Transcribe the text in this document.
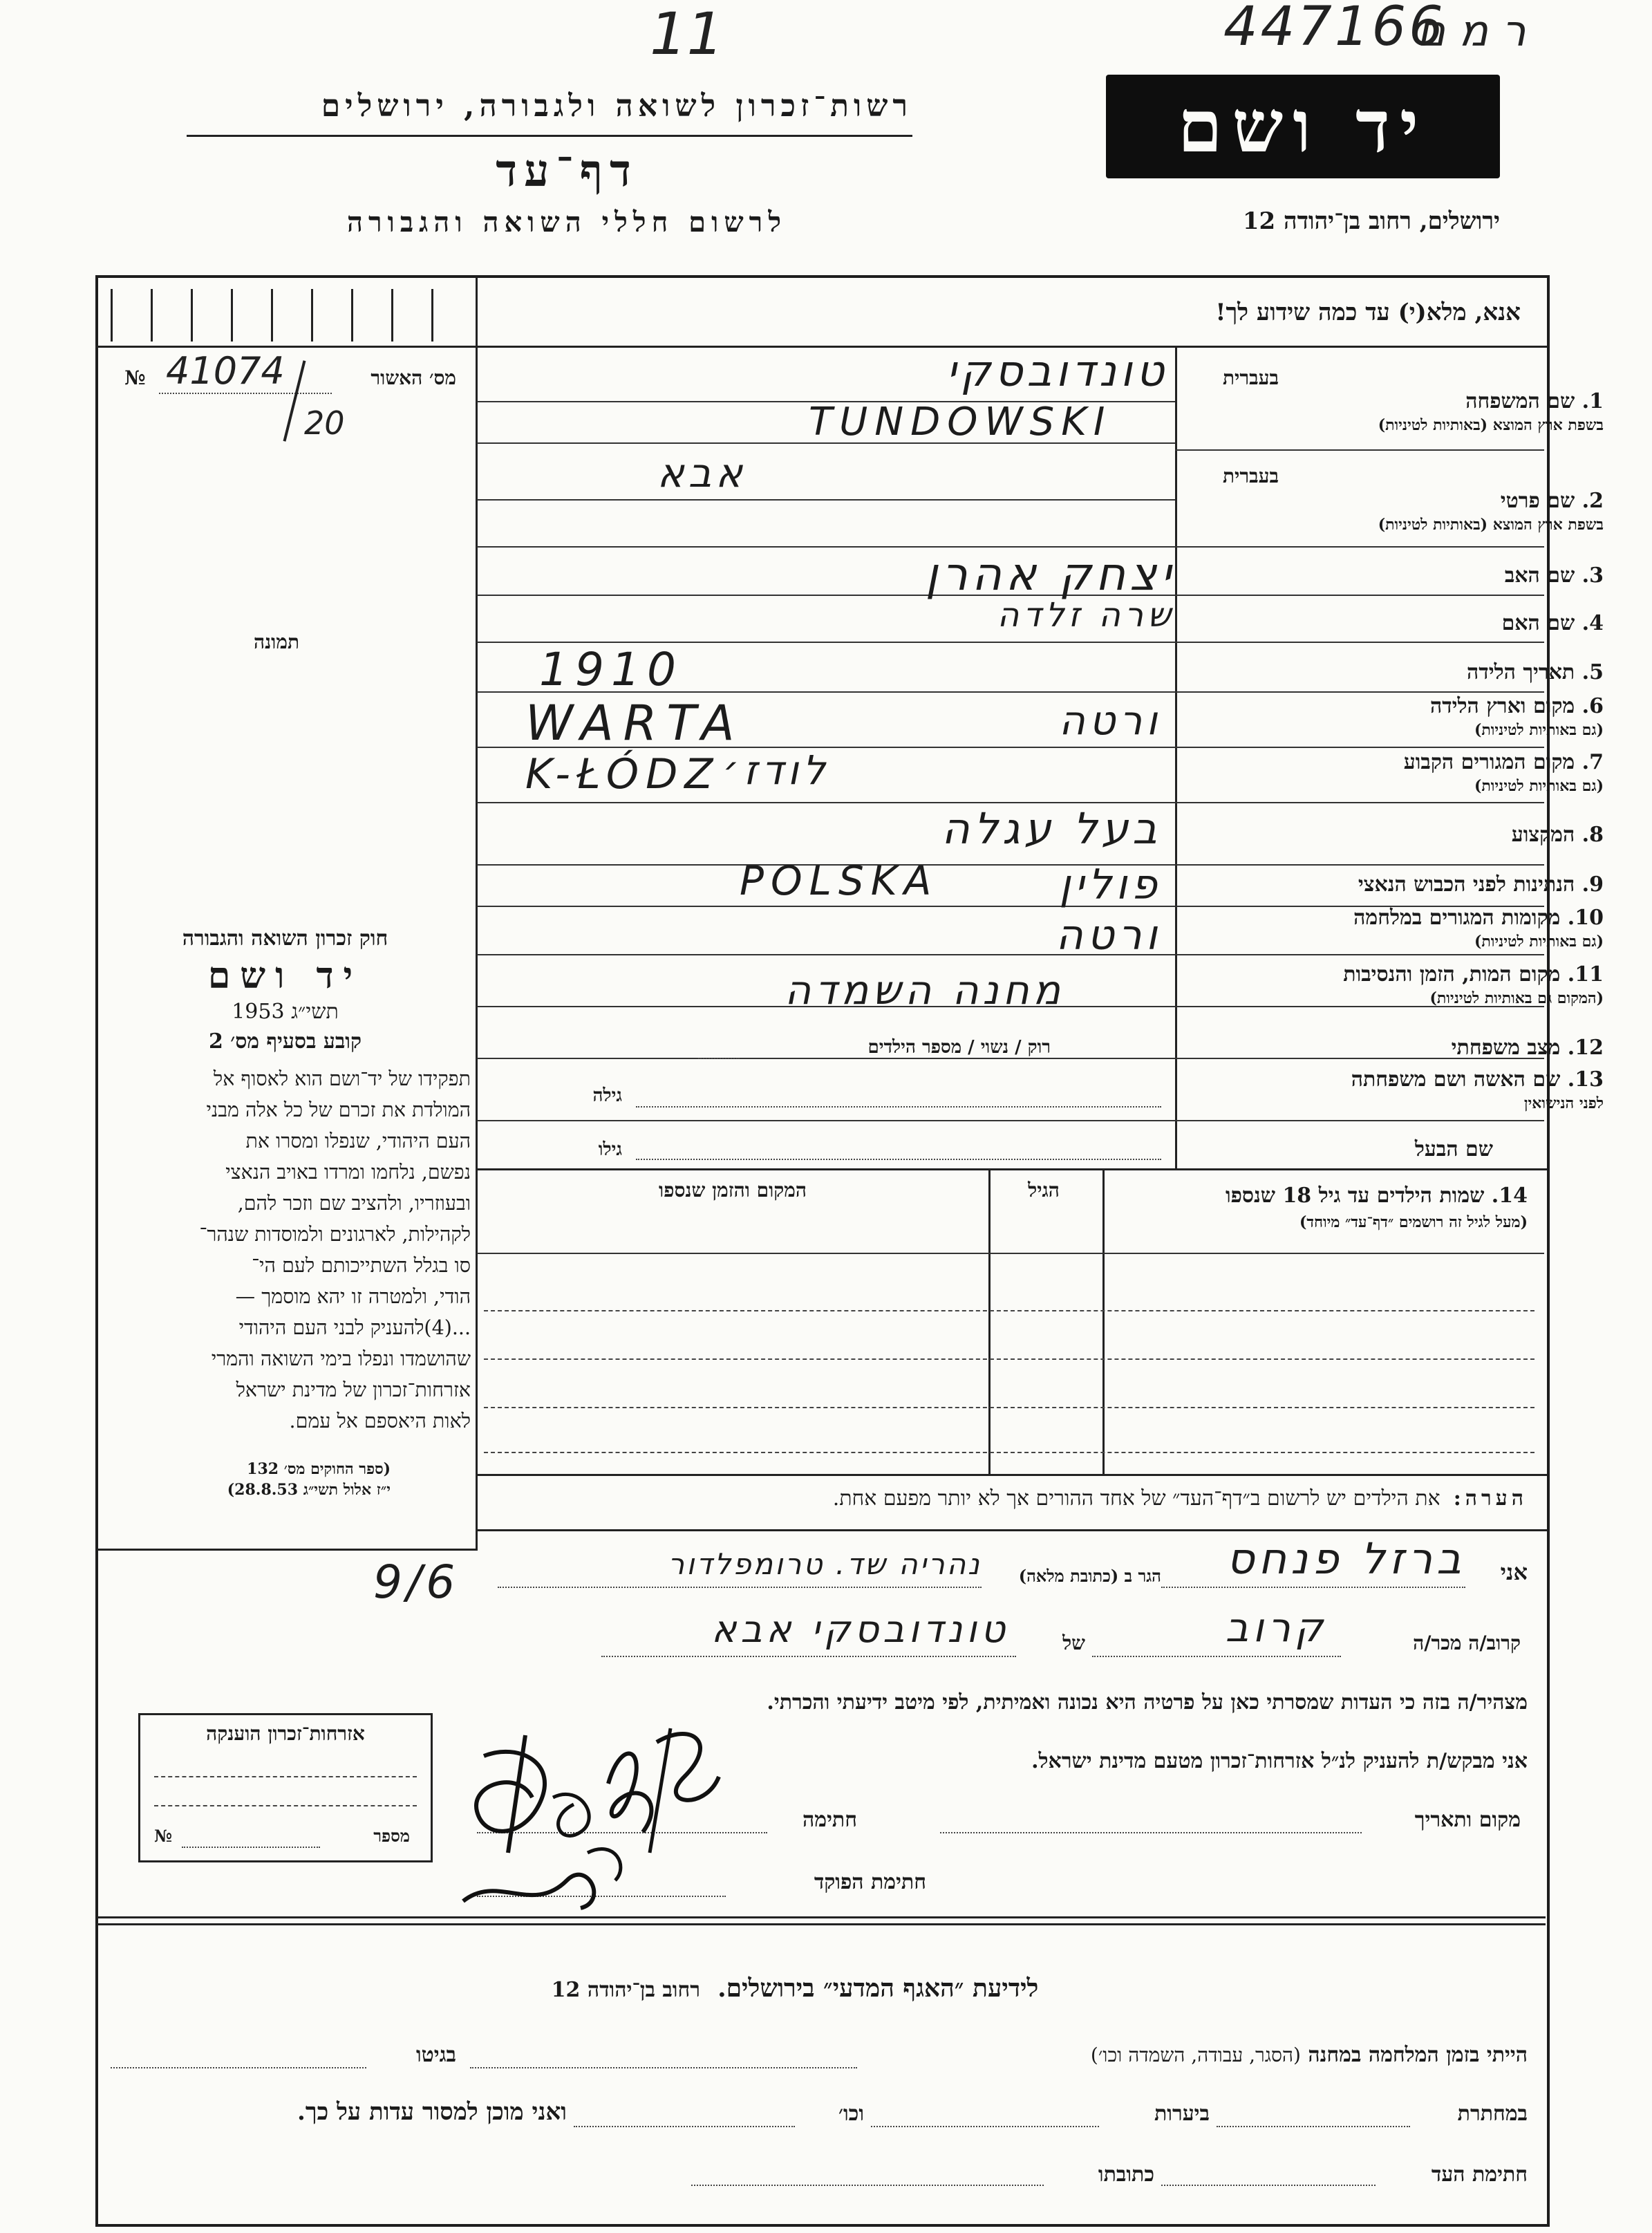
11	447166
ר מ ם
רשות־זכרון לשואה ולגבורה, ירושלים
דף־עד
לרשום חללי השואה והגבורה
יד ושם
ירושלים, רחוב בן־יהודה 12
אנא, מלא(י) עד כמה שידוע לך!
מס׳ האשור
№ 41074
20
תמונה
בעברית
1. שם המשפחה
בשפת ארץ המוצא (באותיות לטיניות)
טונדובסקי
TUNDOWSKI
בעברית
2. שם פרטי
בשפת ארץ המוצא (באותיות לטיניות)
אבא
3. שם האב
יצחק אהרן
4. שם האם
שרה זלדה
5. תאריך הלידה
1910
6. מקום וארץ הלידה
(גם באותיות לטיניות)
WARTA	ורטה
7. מקום המגורים הקבוע
(גם באותיות לטיניות)
K-ŁÓDZ לודז׳
8. המקצוע
בעל עגלה
9. הנתינות לפני הכבוש הנאצי
POLSKA	פולין
10. מקומות המגורים במלחמה
(גם באותיות לטיניות)
ורטה
11. מקום המות, הזמן והנסיבות
(המקום גם באותיות לטיניות)
מחנה השמדה
12. מצב משפחתי
רוק / נשוי / מספר הילדים
13. שם האשה ושם משפחתה
לפני הנישואין
גילה
שם הבעל
גילו
14. שמות הילדים עד גיל 18 שנספו
(מעל לגיל זה רושמים ״דף־עד״ מיוחד)
הגיל
המקום והזמן שנספו
הערה:  את הילדים יש לרשום ב״דף־העד״ של אחד ההורים אך לא יותר מפעם אחת.
חוק זכרון השואה והגבורה
יד ושם
תשי״ג 1953
קובע בסעיף מס׳ 2
תפקידו של יד־ושם הוא לאסוף אל
המולדת את זכרם של כל אלה מבני
העם היהודי, שנפלו ומסרו את
נפשם, נלחמו ומרדו באויב הנאצי
ובעוזריו, ולהציב שם וזכר להם,
לקהילות, לארגונים ולמוסדות שנהר־
סו בגלל השתייכותם לעם הי־
הודי, ולמטרה זו יהא מוסמך —
...(4)להעניק לבני העם היהודי
שהושמדו ונפלו בימי השואה והמרי
אזרחות־זכרון של מדינת ישראל
לאות היאספם אל עמם.
(ספר החוקים מס׳ 132
י״ז אלול תשי״ג 28.8.53)
אני
ברזל פנחס
הגר ב (כתובת מלאה)
נהריה שד. טרומפלדור
9/6
קרוב/ה מכר/ה
קרוב
של
טונדובסקי אבא
מצהיר/ה בזה כי העדות שמסרתי כאן על פרטיה היא נכונה ואמיתית, לפי מיטב ידיעתי והכרתי.
אני מבקש/ת להעניק לנ״ל אזרחות־זכרון מטעם מדינת ישראל.
מקום ותאריך
חתימה
חתימת הפוקד
אזרחות־זכרון הוענקה
מספר
№
לידיעת ״האגף המדעי״ בירושלים.  רחוב בן־יהודה 12
הייתי בזמן המלחמה במחנה (הסגר, עבודה, השמדה וכו׳)
בגיטו
במחתרת
ביערות
וכו׳
ואני מוכן למסור עדות על כך.
חתימת העד
כתובתו
